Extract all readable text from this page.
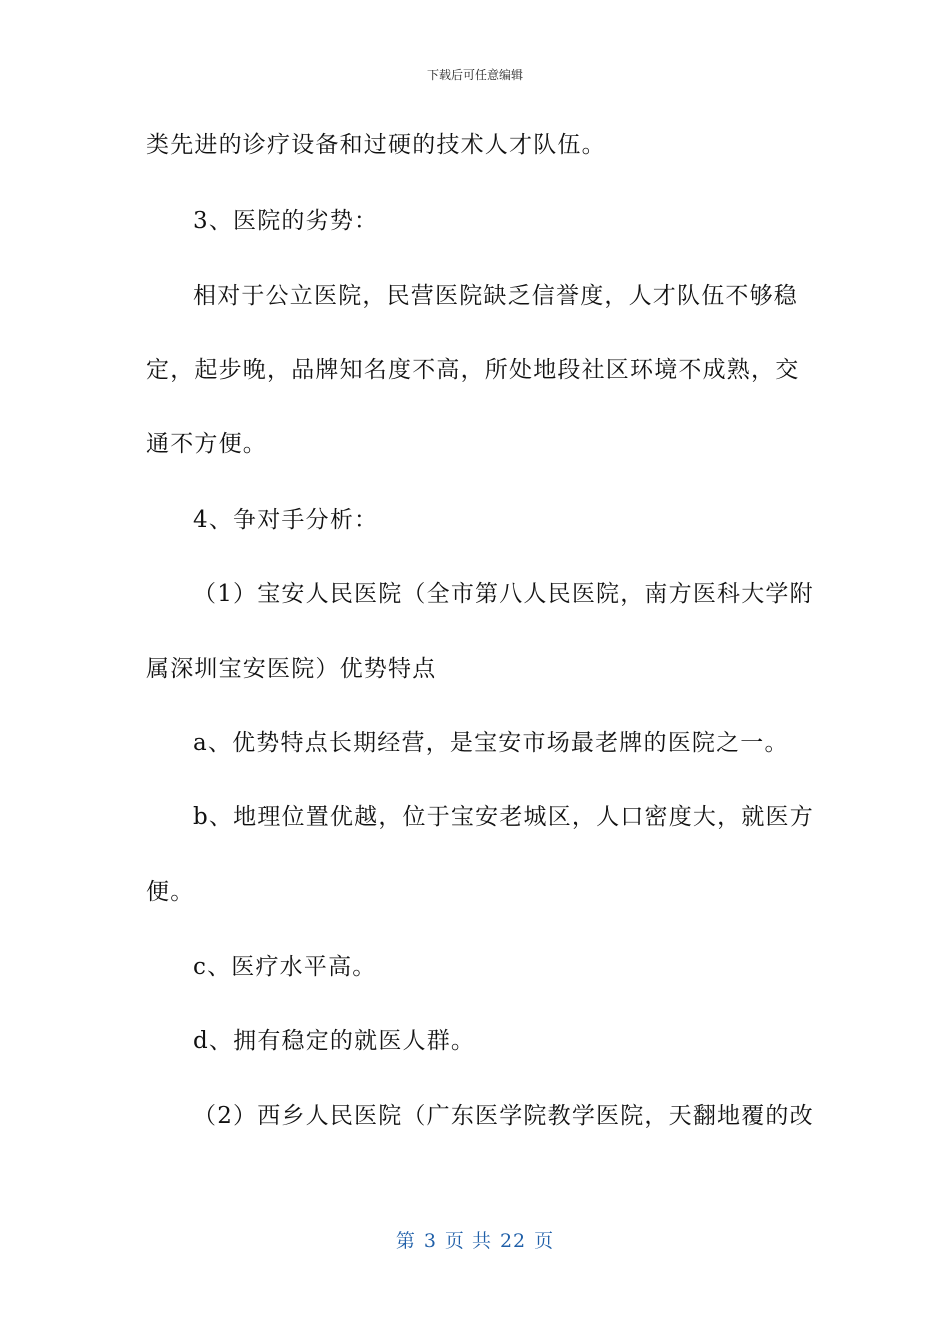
下载后可任意编辑
类先进的诊疗设备和过硬的技术人才队伍。
3、医院的劣势：
相对于公立医院，民营医院缺乏信誉度，人才队伍不够稳
定，起步晚，品牌知名度不高，所处地段社区环境不成熟，交
通不方便。
4、争对手分析：
（1）宝安人民医院（全市第八人民医院，南方医科大学附
属深圳宝安医院）优势特点
a、优势特点长期经营，是宝安市场最老牌的医院之一。
b、地理位置优越，位于宝安老城区，人口密度大，就医方
便。
c、医疗水平高。
d、拥有稳定的就医人群。
（2）西乡人民医院（广东医学院教学医院，天翻地覆的改
第 3 页 共 22 页
